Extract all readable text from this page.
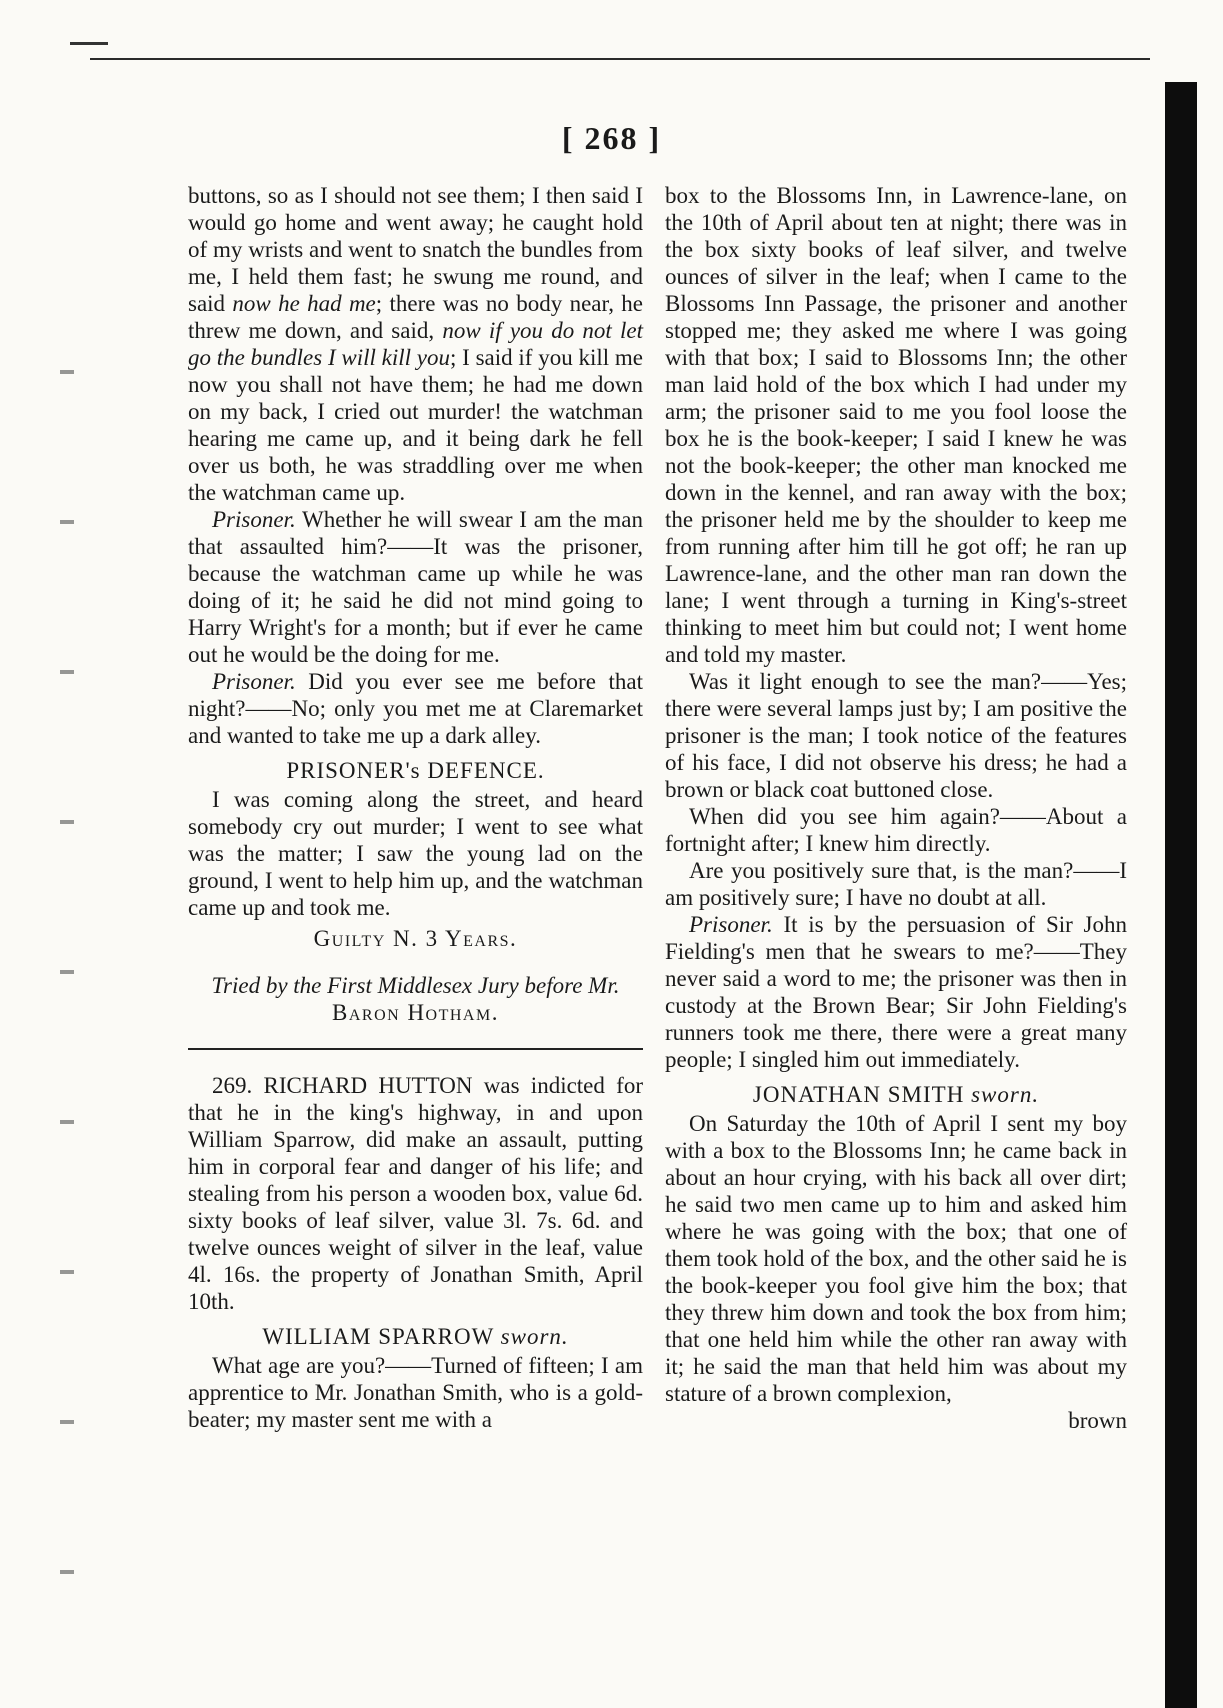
[ 268 ]

buttons, so as I should not see them; I then said I would go home and went away; he caught hold of my wrists and went to snatch the bundles from me, I held them fast; he swung me round, and said now he had me; there was no body near, he threw me down, and said, now if you do not let go the bundles I will kill you; I said if you kill me now you shall not have them; he had me down on my back, I cried out murder! the watchman hearing me came up, and it being dark he fell over us both, he was straddling over me when the watchman came up.

Prisoner. Whether he will swear I am the man that assaulted him?——It was the prisoner, because the watchman came up while he was doing of it; he said he did not mind going to Harry Wright's for a month; but if ever he came out he would be the doing for me.

Prisoner. Did you ever see me before that night?——No; only you met me at Claremarket and wanted to take me up a dark alley.

PRISONER's DEFENCE.

I was coming along the street, and heard somebody cry out murder; I went to see what was the matter; I saw the young lad on the ground, I went to help him up, and the watchman came up and took me.

Guilty N. 3 Years.

Tried by the First Middlesex Jury before Mr.

Baron Hotham.

269. RICHARD HUTTON was indicted for that he in the king's highway, in and upon William Sparrow, did make an assault, putting him in corporal fear and danger of his life; and stealing from his person a wooden box, value 6d. sixty books of leaf silver, value 3l. 7s. 6d. and twelve ounces weight of silver in the leaf, value 4l. 16s. the property of Jonathan Smith, April 10th.

WILLIAM SPARROW sworn.

What age are you?——Turned of fifteen; I am apprentice to Mr. Jonathan Smith, who is a gold-beater; my master sent me with a

box to the Blossoms Inn, in Lawrence-lane, on the 10th of April about ten at night; there was in the box sixty books of leaf silver, and twelve ounces of silver in the leaf; when I came to the Blossoms Inn Passage, the prisoner and another stopped me; they asked me where I was going with that box; I said to Blossoms Inn; the other man laid hold of the box which I had under my arm; the prisoner said to me you fool loose the box he is the book-keeper; I said I knew he was not the book-keeper; the other man knocked me down in the kennel, and ran away with the box; the prisoner held me by the shoulder to keep me from running after him till he got off; he ran up Lawrence-lane, and the other man ran down the lane; I went through a turning in King's-street thinking to meet him but could not; I went home and told my master.

Was it light enough to see the man?——Yes; there were several lamps just by; I am positive the prisoner is the man; I took notice of the features of his face, I did not observe his dress; he had a brown or black coat buttoned close.

When did you see him again?——About a fortnight after; I knew him directly.

Are you positively sure that, is the man?——I am positively sure; I have no doubt at all.

Prisoner. It is by the persuasion of Sir John Fielding's men that he swears to me?——They never said a word to me; the prisoner was then in custody at the Brown Bear; Sir John Fielding's runners took me there, there were a great many people; I singled him out immediately.

JONATHAN SMITH sworn.

On Saturday the 10th of April I sent my boy with a box to the Blossoms Inn; he came back in about an hour crying, with his back all over dirt; he said two men came up to him and asked him where he was going with the box; that one of them took hold of the box, and the other said he is the book-keeper you fool give him the box; that they threw him down and took the box from him; that one held him while the other ran away with it; he said the man that held him was about my stature of a brown complexion,

brown
